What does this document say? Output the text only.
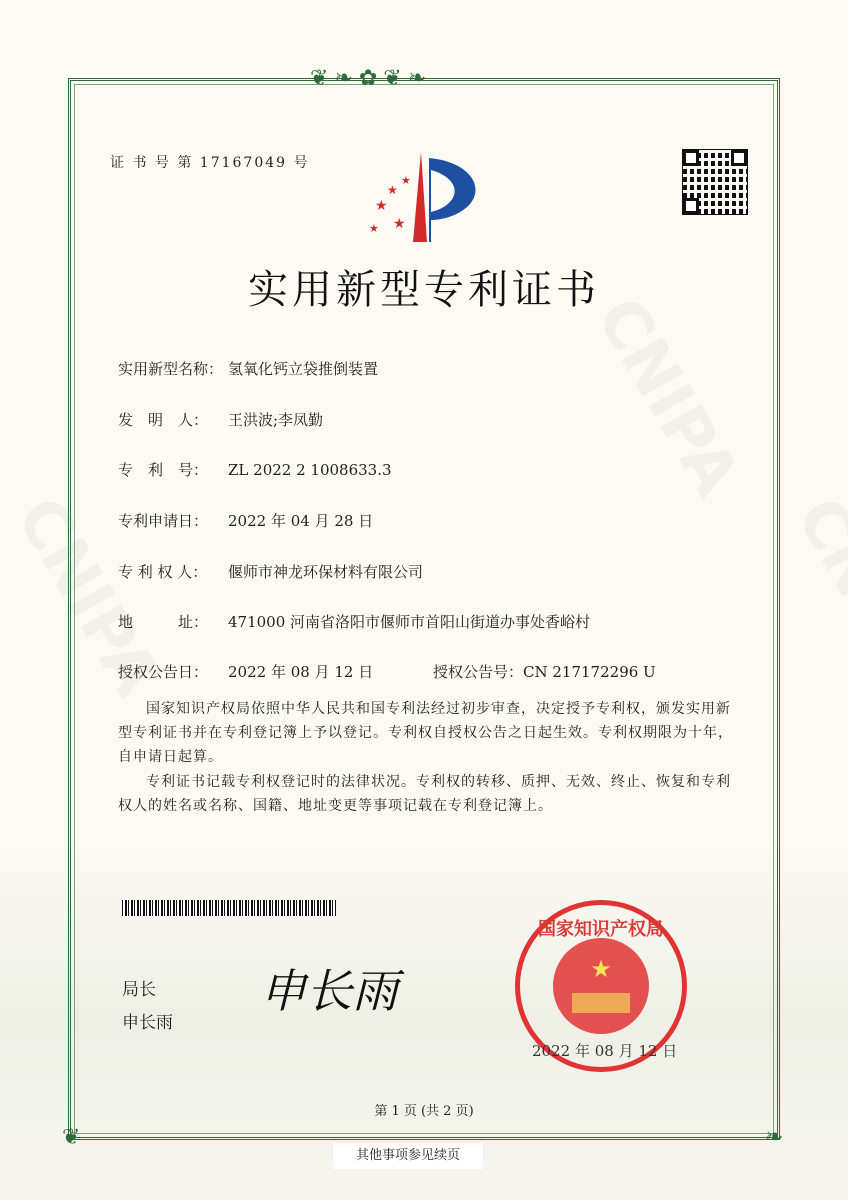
❦❧✿❦❧
❦	❧
证 书 号 第 17167049 号
★
★
★
★
★
实用新型专利证书
实用新型名称： 氢氧化钙立袋推倒装置
发　明　人： 王洪波;李凤勤
专　利　号： ZL 2022 2 1008633.3
专利申请日： 2022 年 04 月 28 日
专 利 权 人： 偃师市神龙环保材料有限公司
地　　　址： 471000 河南省洛阳市偃师市首阳山街道办事处香峪村
授权公告日： 2022 年 08 月 12 日	授权公告号：CN 217172296 U
国家知识产权局依照中华人民共和国专利法经过初步审查，决定授予专利权，颁发实用新型专利证书并在专利登记簿上予以登记。专利权自授权公告之日起生效。专利权期限为十年，自申请日起算。
专利证书记载专利权登记时的法律状况。专利权的转移、质押、无效、终止、恢复和专利权人的姓名或名称、国籍、地址变更等事项记载在专利登记簿上。
局长
申长雨
申长雨	★
国家知识产权局
2022 年 08 月 12 日
第 1 页 (共 2 页)
其他事项参见续页
